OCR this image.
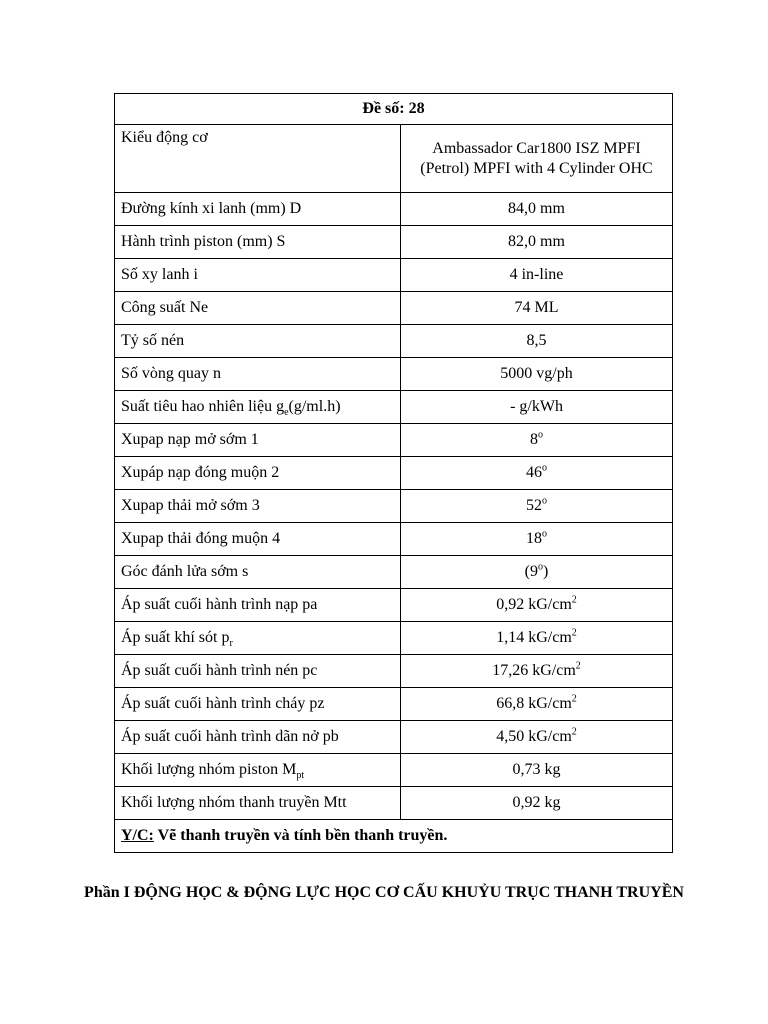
Đề số: 28	
Kiểu động cơ	Ambassador Car1800 ISZ MPFI (Petrol) MPFI with 4 Cylinder OHC
Đường kính xi lanh (mm) D	84,0 mm
Hành trình piston (mm) S	82,0 mm
Số xy lanh i	4 in-line
Công suất Ne	74 ML
Tỷ số nén	8,5
Số vòng quay n	5000 vg/ph
Suất tiêu hao nhiên liệu $g_e(g/ml.h)$	- g/kWh
Xupap nạp mở sớm 1	8$^o$
Xupáp nạp đóng muộn 2	46$^o$
Xupap thải mở sớm 3	52$^o$
Xupap thải đóng muộn 4	18$^o$
Góc đánh lửa sớm s	(9$^o$)
Áp suất cuối hành trình nạp pa	0,92 $kG/cm^2$
Áp suất khí sót $p_r$	1,14 $kG/cm^2$
Áp suất cuối hành trình nén pc	17,26 $kG/cm^2$
Áp suất cuối hành trình cháy pz	66,8 $kG/cm^2$
Áp suất cuối hành trình dãn nở pb	4,50 $kG/cm^2$
Khối lượng nhóm piston $M_{pt}$	0,73 kg
Khối lượng nhóm thanh truyền Mtt	0,92 kg
Y/C: Vẽ thanh truyền và tính bền thanh truyền.	

Phần I ĐỘNG HỌC & ĐỘNG LỰC HỌC CƠ CẤU KHUỶU TRỤC THANH TRUYỀN
